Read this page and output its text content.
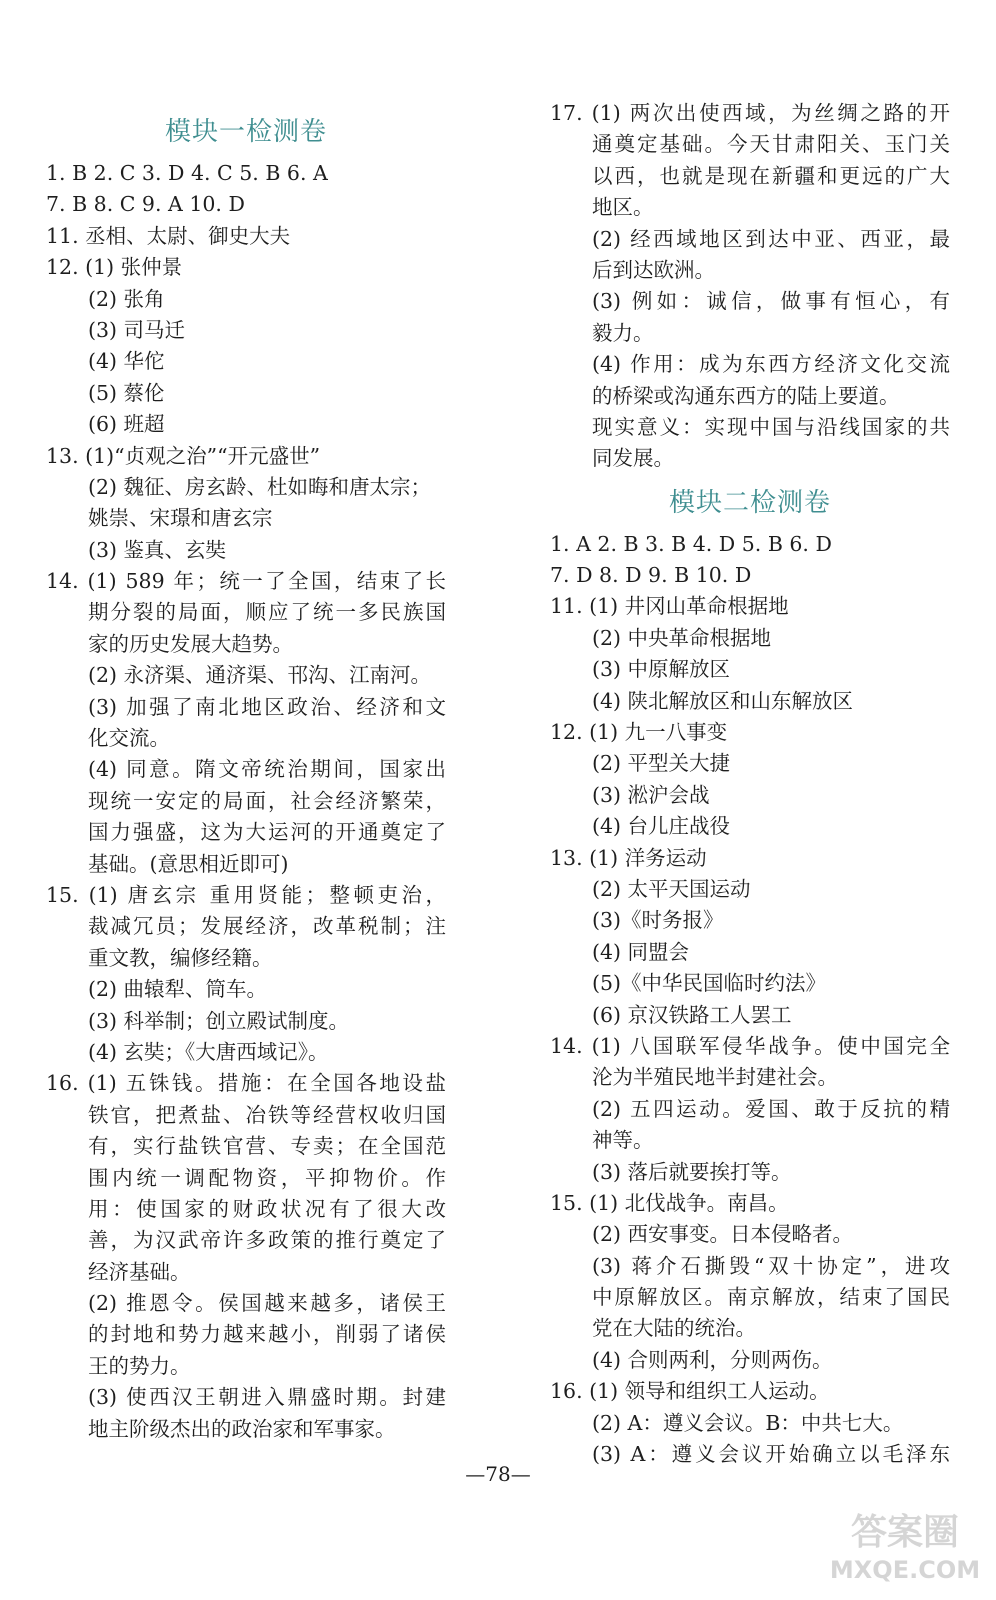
模块一检测卷
1. B 2. C 3. D 4. C 5. B 6. A
7. B 8. C 9. A 10. D
11. 丞相、太尉、御史大夫
12. (1) 张仲景
(2) 张角
(3) 司马迁
(4) 华佗
(5) 蔡伦
(6) 班超
13. (1)“贞观之治”“开元盛世”
(2) 魏征、房玄龄、杜如晦和唐太宗；
姚崇、宋璟和唐玄宗
(3) 鉴真、玄奘
14. (1) 589 年；统一了全国，结束了长
期分裂的局面，顺应了统一多民族国
家的历史发展大趋势。
(2) 永济渠、通济渠、邗沟、江南河。
(3) 加强了南北地区政治、经济和文
化交流。
(4) 同意。隋文帝统治期间，国家出
现统一安定的局面，社会经济繁荣，
国力强盛，这为大运河的开通奠定了
基础。(意思相近即可)
15. (1) 唐玄宗 重用贤能；整顿吏治，
裁减冗员；发展经济，改革税制；注
重文教，编修经籍。
(2) 曲辕犁、筒车。
(3) 科举制；创立殿试制度。
(4) 玄奘；《大唐西域记》。
16. (1) 五铢钱。措施：在全国各地设盐
铁官，把煮盐、冶铁等经营权收归国
有，实行盐铁官营、专卖；在全国范
围内统一调配物资，平抑物价。作
用：使国家的财政状况有了很大改
善，为汉武帝许多政策的推行奠定了
经济基础。
(2) 推恩令。侯国越来越多，诸侯王
的封地和势力越来越小，削弱了诸侯
王的势力。
(3) 使西汉王朝进入鼎盛时期。封建
地主阶级杰出的政治家和军事家。
17. (1) 两次出使西域，为丝绸之路的开
通奠定基础。今天甘肃阳关、玉门关
以西，也就是现在新疆和更远的广大
地区。
(2) 经西域地区到达中亚、西亚，最
后到达欧洲。
(3) 例如：诚信，做事有恒心，有
毅力。
(4) 作用：成为东西方经济文化交流
的桥梁或沟通东西方的陆上要道。
现实意义：实现中国与沿线国家的共
同发展。
模块二检测卷
1. A 2. B 3. B 4. D 5. B 6. D
7. D 8. D 9. B 10. D
11. (1) 井冈山革命根据地
(2) 中央革命根据地
(3) 中原解放区
(4) 陕北解放区和山东解放区
12. (1) 九一八事变
(2) 平型关大捷
(3) 淞沪会战
(4) 台儿庄战役
13. (1) 洋务运动
(2) 太平天国运动
(3)《时务报》
(4) 同盟会
(5)《中华民国临时约法》
(6) 京汉铁路工人罢工
14. (1) 八国联军侵华战争。使中国完全
沦为半殖民地半封建社会。
(2) 五四运动。爱国、敢于反抗的精
神等。
(3) 落后就要挨打等。
15. (1) 北伐战争。南昌。
(2) 西安事变。日本侵略者。
(3) 蒋介石撕毁“双十协定”，进攻
中原解放区。南京解放，结束了国民
党在大陆的统治。
(4) 合则两利，分则两伤。
16. (1) 领导和组织工人运动。
(2) A：遵义会议。B：中共七大。
(3) A：遵义会议开始确立以毛泽东
—78—
答案圈
MXQE.COM
